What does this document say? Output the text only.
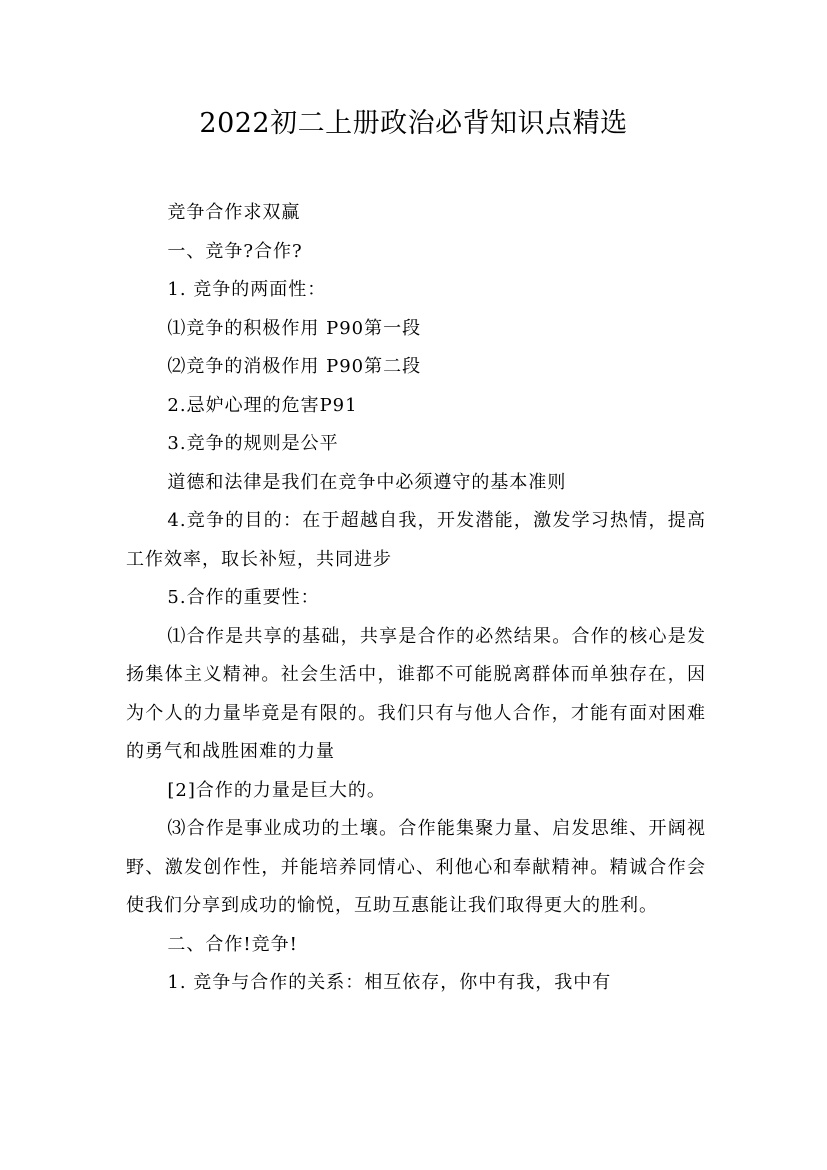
2022初二上册政治必背知识点精选

竞争合作求双赢

一、竞争?合作?

1. 竞争的两面性：

⑴竞争的积极作用 P90第一段

⑵竞争的消极作用 P90第二段

2.忌妒心理的危害P91

3.竞争的规则是公平

道德和法律是我们在竞争中必须遵守的基本准则

4.竞争的目的：在于超越自我，开发潜能，激发学习热情，提高工作效率，取长补短，共同进步

5.合作的重要性：

⑴合作是共享的基础，共享是合作的必然结果。合作的核心是发扬集体主义精神。社会生活中，谁都不可能脱离群体而单独存在，因为个人的力量毕竟是有限的。我们只有与他人合作，才能有面对困难的勇气和战胜困难的力量

[2]合作的力量是巨大的。

⑶合作是事业成功的土壤。合作能集聚力量、启发思维、开阔视野、激发创作性，并能培养同情心、利他心和奉献精神。精诚合作会使我们分享到成功的愉悦，互助互惠能让我们取得更大的胜利。

二、合作!竞争!

1. 竞争与合作的关系：相互依存，你中有我，我中有
